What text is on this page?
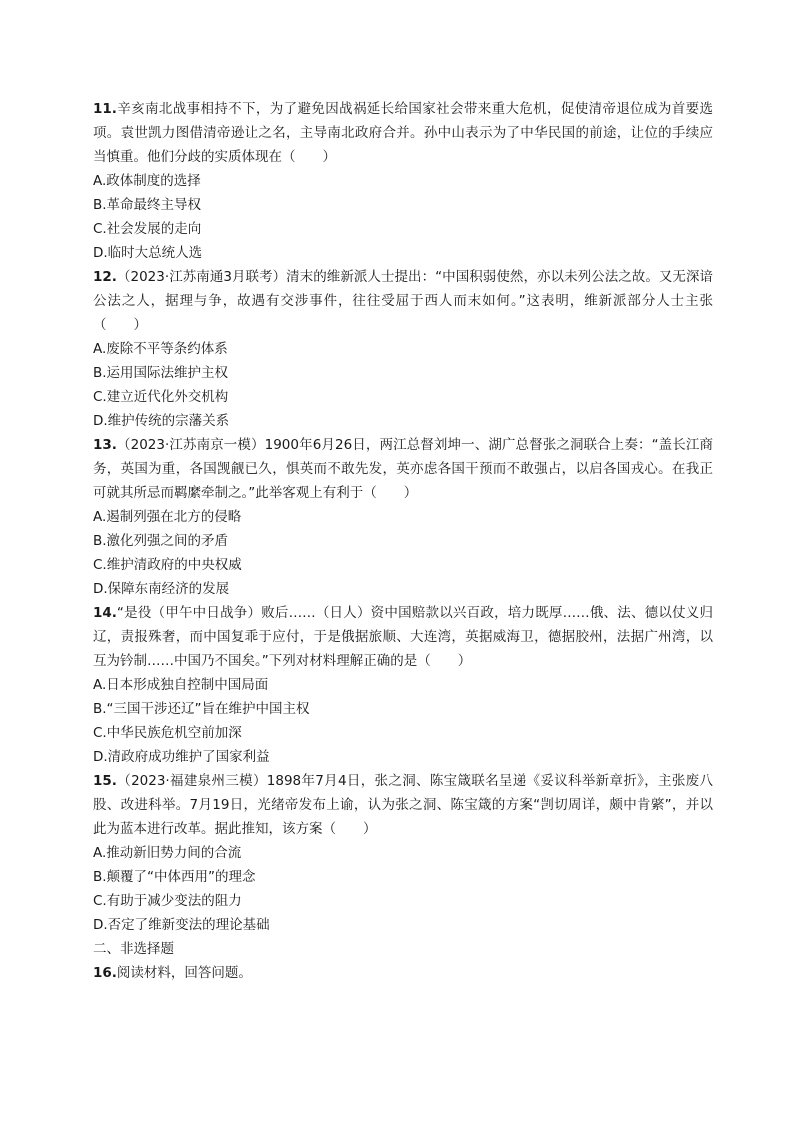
11.辛亥南北战事相持不下，为了避免因战祸延长给国家社会带来重大危机，促使清帝退位成为首要选项。袁世凯力图借清帝逊让之名，主导南北政府合并。孙中山表示为了中华民国的前途，让位的手续应当慎重。他们分歧的实质体现在（　　）

A.政体制度的选择

B.革命最终主导权

C.社会发展的走向

D.临时大总统人选

12.（2023·江苏南通3月联考）清末的维新派人士提出：“中国积弱使然，亦以未列公法之故。又无深谙公法之人，据理与争，故遇有交涉事件，往往受屈于西人而末如何。”这表明，维新派部分人士主张（　　）

A.废除不平等条约体系

B.运用国际法维护主权

C.建立近代化外交机构

D.维护传统的宗藩关系

13.（2023·江苏南京一模）1900年6月26日，两江总督刘坤一、湖广总督张之洞联合上奏：“盖长江商务，英国为重，各国觊觎已久，惧英而不敢先发，英亦虑各国干预而不敢强占，以启各国戎心。在我正可就其所忌而羁縻牵制之。”此举客观上有利于（　　）

A.遏制列强在北方的侵略

B.激化列强之间的矛盾

C.维护清政府的中央权威

D.保障东南经济的发展

14.“是役（甲午中日战争）败后……（日人）资中国赔款以兴百政，培力既厚……俄、法、德以仗义归辽，责报殊奢，而中国复乖于应付，于是俄据旅顺、大连湾，英据威海卫，德据胶州，法据广州湾，以互为钤制……中国乃不国矣。”下列对材料理解正确的是（　　）

A.日本形成独自控制中国局面

B.“三国干涉还辽”旨在维护中国主权

C.中华民族危机空前加深

D.清政府成功维护了国家利益

15.（2023·福建泉州三模）1898年7月4日，张之洞、陈宝箴联名呈递《妥议科举新章折》，主张废八股、改进科举。7月19日，光绪帝发布上谕，认为张之洞、陈宝箴的方案“剀切周详，颇中肯綮”，并以此为蓝本进行改革。据此推知，该方案（　　）

A.推动新旧势力间的合流

B.颠覆了“中体西用”的理念

C.有助于减少变法的阻力

D.否定了维新变法的理论基础

二、非选择题

16.阅读材料，回答问题。
